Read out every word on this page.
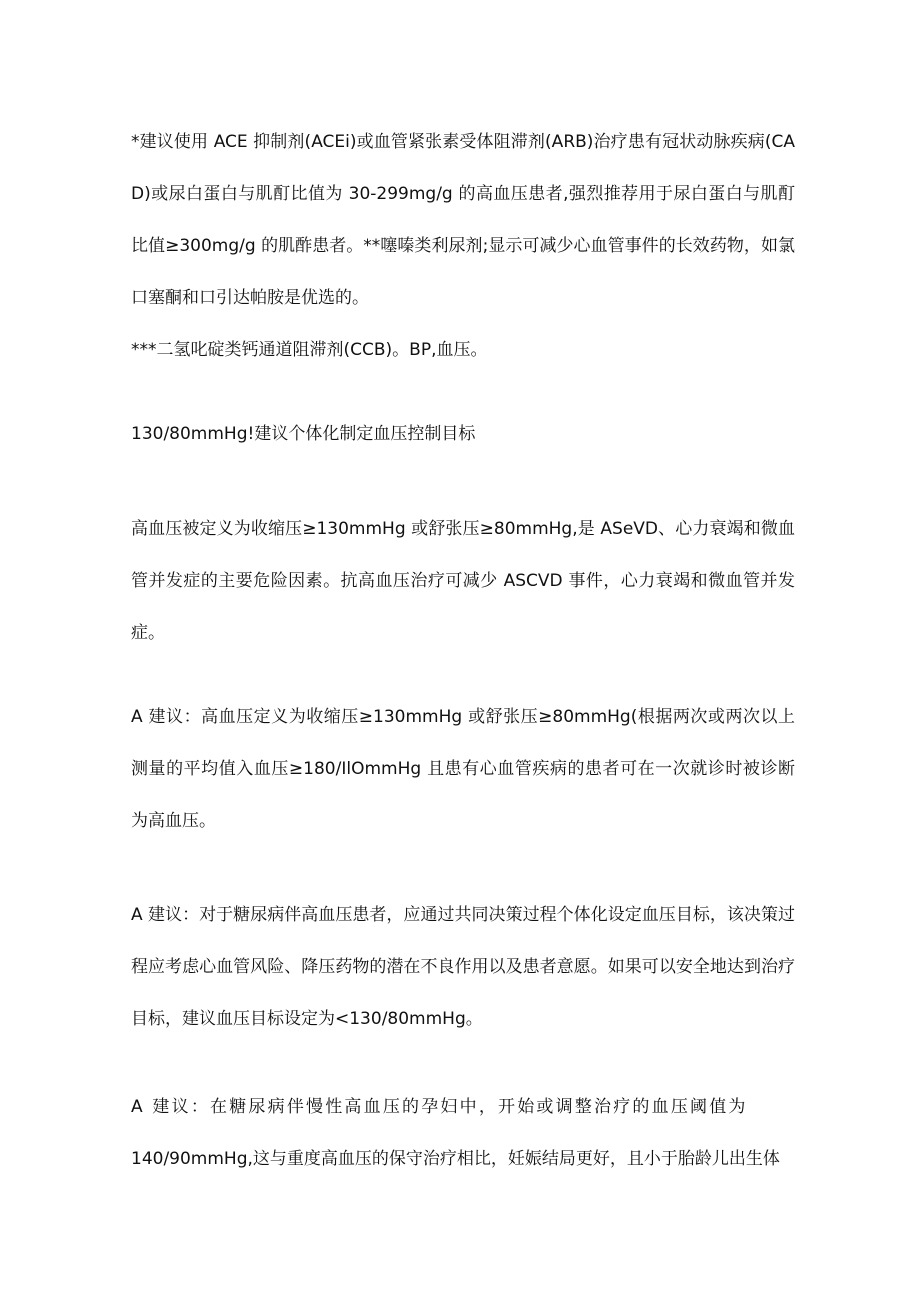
*建议使用 ACE 抑制剂(ACEi)或血管紧张素受体阻滞剂(ARB)治疗患有冠状动脉疾病(CAD)或尿白蛋白与肌酊比值为 30-299mg/g 的高血压患者,强烈推荐用于尿白蛋白与肌酊比值≥300mg/g 的肌酢患者。**噻嗪类利尿剂;显示可减少心血管事件的长效药物，如氯口塞酮和口引达帕胺是优选的。

***二氢叱碇类钙通道阻滞剂(CCB)。BP,血压。

130/80mmHg!建议个体化制定血压控制目标

高血压被定义为收缩压≥130mmHg 或舒张压≥80mmHg,是 ASeVD、心力衰竭和微血管并发症的主要危险因素。抗高血压治疗可减少 ASCVD 事件，心力衰竭和微血管并发症。

A 建议：高血压定义为收缩压≥130mmHg 或舒张压≥80mmHg(根据两次或两次以上测量的平均值入血压≥180/IlOmmHg 且患有心血管疾病的患者可在一次就诊时被诊断为高血压。

A 建议：对于糖尿病伴高血压患者，应通过共同决策过程个体化设定血压目标，该决策过程应考虑心血管风险、降压药物的潜在不良作用以及患者意愿。如果可以安全地达到治疗目标，建议血压目标设定为<130/80mmHg。

A 建议：在糖尿病伴慢性高血压的孕妇中，开始或调整治疗的血压阈值为
140/90mmHg,这与重度高血压的保守治疗相比，妊娠结局更好，且小于胎龄儿出生体
